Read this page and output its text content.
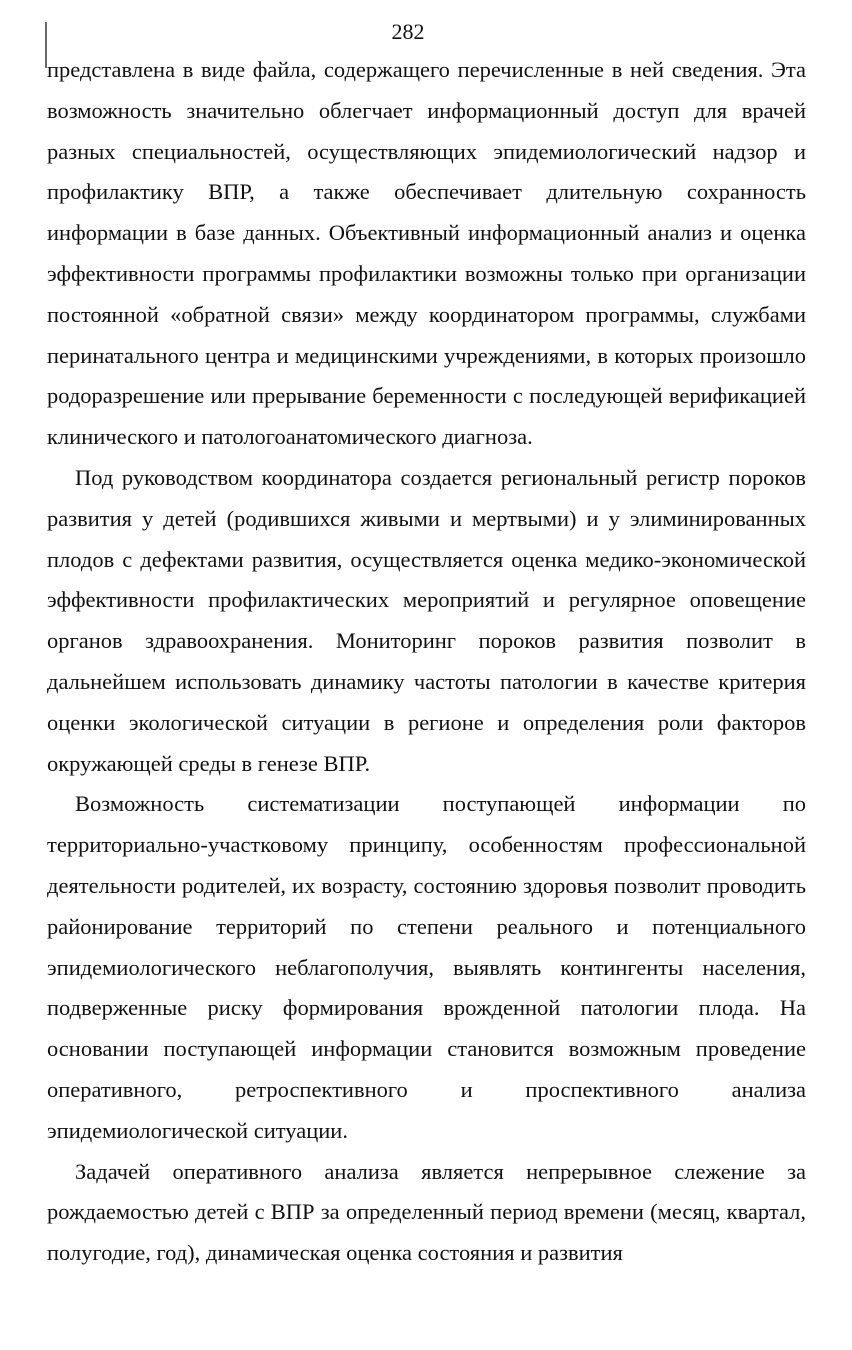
282

представлена в виде файла, содержащего перечисленные в ней сведения. Эта возможность значительно облегчает информационный доступ для врачей разных специальностей, осуществляющих эпидемиологический надзор и профилактику ВПР, а также обеспечивает длительную сохранность информации в базе данных. Объективный информационный анализ и оценка эффективности программы профилактики возможны только при организации постоянной «обратной связи» между координатором программы, службами перинатального центра и медицинскими учреждениями, в которых произошло родоразрешение или прерывание беременности с последующей верификацией клинического и патологоанатомического диагноза.

Под руководством координатора создается региональный регистр пороков развития у детей (родившихся живыми и мертвыми) и у элиминированных плодов с дефектами развития, осуществляется оценка медико-экономической эффективности профилактических мероприятий и регулярное оповещение органов здравоохранения. Мониторинг пороков развития позволит в дальнейшем использовать динамику частоты патологии в качестве критерия оценки экологической ситуации в регионе и определения роли факторов окружающей среды в генезе ВПР.

Возможность систематизации поступающей информации по территориально-участковому принципу, особенностям профессиональной деятельности родителей, их возрасту, состоянию здоровья позволит проводить районирование территорий по степени реального и потенциального эпидемиологического неблагополучия, выявлять контингенты населения, подверженные риску формирования врожденной патологии плода. На основании поступающей информации становится возможным проведение оперативного, ретроспективного и проспективного анализа эпидемиологической ситуации.

Задачей оперативного анализа является непрерывное слежение за рождаемостью детей с ВПР за определенный период времени (месяц, квартал, полугодие, год), динамическая оценка состояния и развития
